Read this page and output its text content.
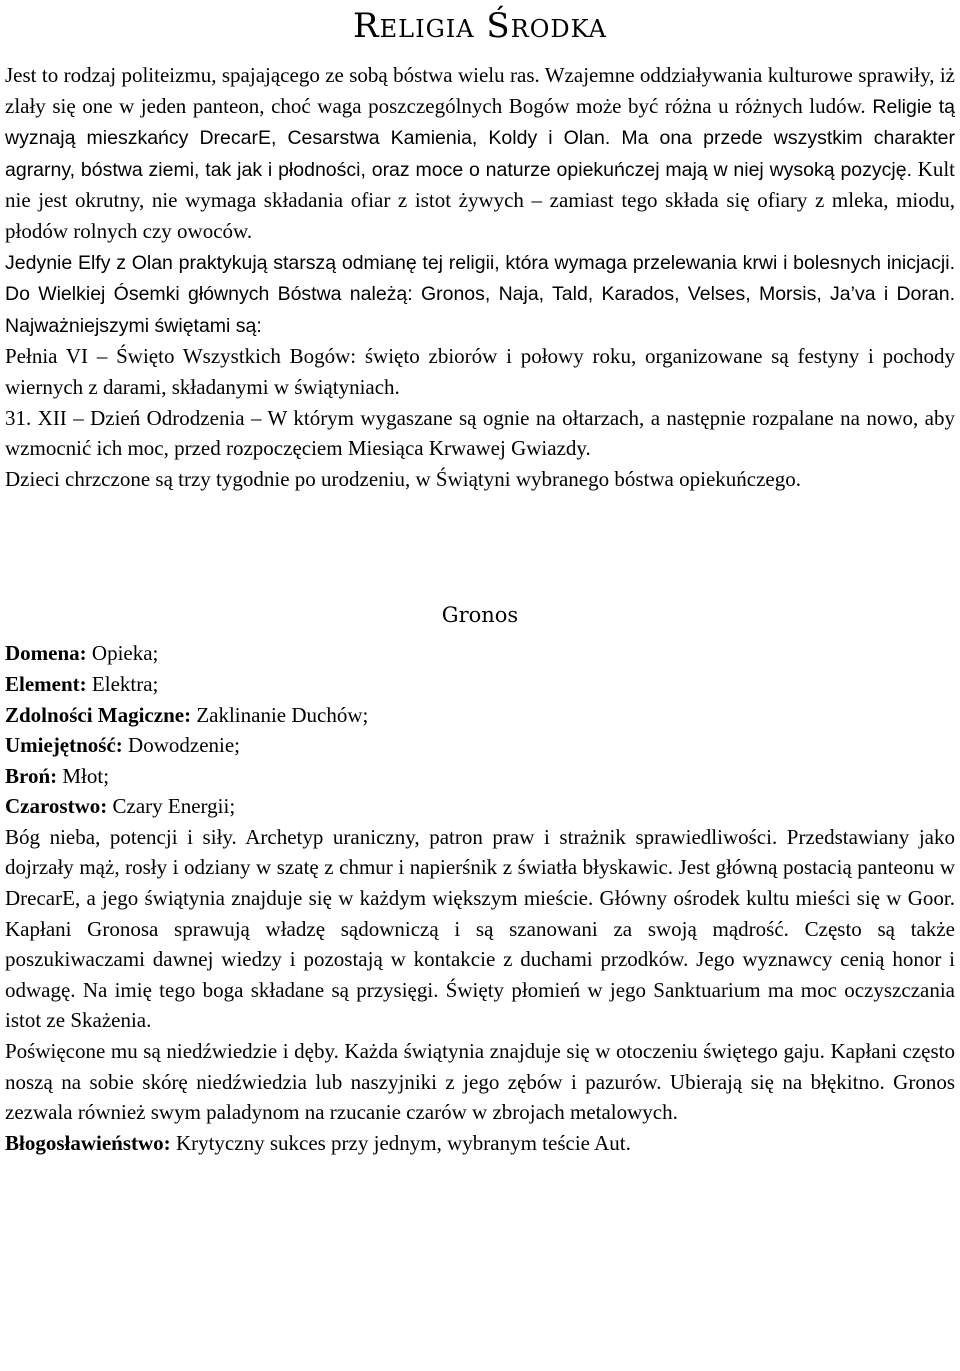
Religia Środka

Jest to rodzaj politeizmu, spajającego ze sobą bóstwa wielu ras. Wzajemne oddziaływania kulturowe sprawiły, iż zlały się one w jeden panteon, choć waga poszczególnych Bogów może być różna u różnych ludów. Religie tą wyznają mieszkańcy DrecarE, Cesarstwa Kamienia, Koldy i Olan. Ma ona przede wszystkim charakter agrarny, bóstwa ziemi, tak jak i płodności, oraz moce o naturze opiekuńczej mają w niej wysoką pozycję. Kult nie jest okrutny, nie wymaga składania ofiar z istot żywych – zamiast tego składa się ofiary z mleka, miodu, płodów rolnych czy owoców.

Jedynie Elfy z Olan praktykują starszą odmianę tej religii, która wymaga przelewania krwi i bolesnych inicjacji. Do Wielkiej Ósemki głównych Bóstwa należą: Gronos, Naja, Tald, Karados, Velses, Morsis, Ja’va i Doran. Najważniejszymi świętami są:

Pełnia VI – Święto Wszystkich Bogów: święto zbiorów i połowy roku, organizowane są festyny i pochody wiernych z darami, składanymi w świątyniach.

31. XII – Dzień Odrodzenia – W którym wygaszane są ognie na ołtarzach, a następnie rozpalane na nowo, aby wzmocnić ich moc, przed rozpoczęciem Miesiąca Krwawej Gwiazdy.

Dzieci chrzczone są trzy tygodnie po urodzeniu, w Świątyni wybranego bóstwa opiekuńczego.

Gronos

Domena: Opieka;

Element: Elektra;

Zdolności Magiczne: Zaklinanie Duchów;

Umiejętność: Dowodzenie;

Broń: Młot;

Czarostwo: Czary Energii;

Bóg nieba, potencji i siły. Archetyp uraniczny, patron praw i strażnik sprawiedliwości. Przedstawiany jako dojrzały mąż, rosły i odziany w szatę z chmur i napierśnik z światła błyskawic. Jest główną postacią panteonu w DrecarE, a jego świątynia znajduje się w każdym większym mieście. Główny ośrodek kultu mieści się w Goor. Kapłani Gronosa sprawują władzę sądowniczą i są szanowani za swoją mądrość. Często są także poszukiwaczami dawnej wiedzy i pozostają w kontakcie z duchami przodków. Jego wyznawcy cenią honor i odwagę. Na imię tego boga składane są przysięgi. Święty płomień w jego Sanktuarium ma moc oczyszczania istot ze Skażenia.

Poświęcone mu są niedźwiedzie i dęby. Każda świątynia znajduje się w otoczeniu świętego gaju. Kapłani często noszą na sobie skórę niedźwiedzia lub naszyjniki z jego zębów i pazurów. Ubierają się na błękitno. Gronos zezwala również swym paladynom na rzucanie czarów w zbrojach metalowych.

Błogosławieństwo: Krytyczny sukces przy jednym, wybranym teście Aut.
